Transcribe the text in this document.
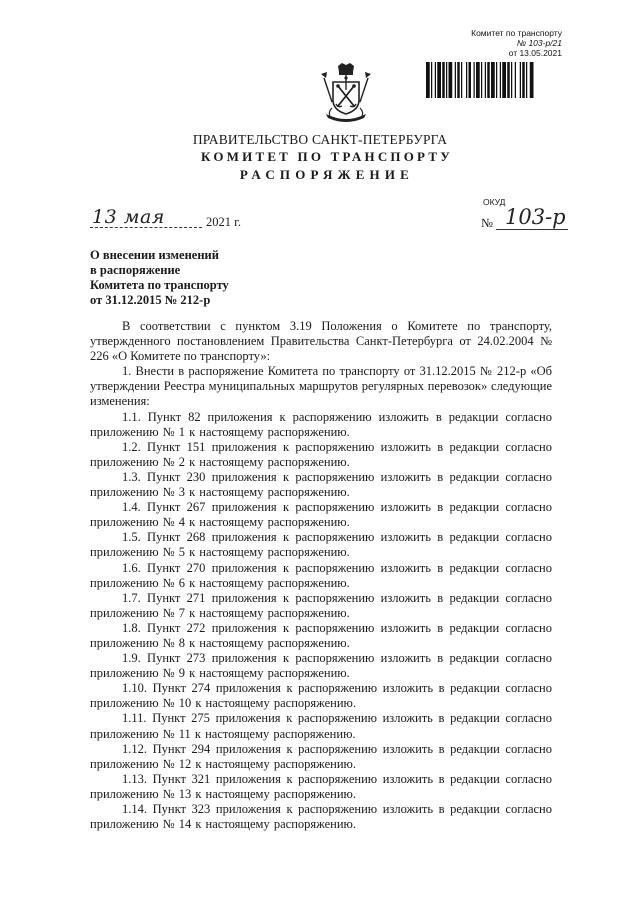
Комитет по транспорту
№ 103-р/21
от 13.05.2021
ПРАВИТЕЛЬСТВО САНКТ-ПЕТЕРБУРГА
КОМИТЕТ ПО ТРАНСПОРТУ
РАСПОРЯЖЕНИЕ
ОКУД
13 мая	2021 г.	№ 103-р
О внесении изменений
в распоряжение
Комитета по транспорту
от 31.12.2015 № 212-р

В соответствии с пунктом 3.19 Положения о Комитете по транспорту, утвержденного постановлением Правительства Санкт-Петербурга от 24.02.2004 № 226 «О Комитете по транспорту»:

1. Внести в распоряжение Комитета по транспорту от 31.12.2015 № 212-р «Об утверждении Реестра муниципальных маршрутов регулярных перевозок» следующие изменения:

1.1. Пункт 82 приложения к распоряжению изложить в редакции согласно приложению № 1 к настоящему распоряжению.

1.2. Пункт 151 приложения к распоряжению изложить в редакции согласно приложению № 2 к настоящему распоряжению.

1.3. Пункт 230 приложения к распоряжению изложить в редакции согласно приложению № 3 к настоящему распоряжению.

1.4. Пункт 267 приложения к распоряжению изложить в редакции согласно приложению № 4 к настоящему распоряжению.

1.5. Пункт 268 приложения к распоряжению изложить в редакции согласно приложению № 5 к настоящему распоряжению.

1.6. Пункт 270 приложения к распоряжению изложить в редакции согласно приложению № 6 к настоящему распоряжению.

1.7. Пункт 271 приложения к распоряжению изложить в редакции согласно приложению № 7 к настоящему распоряжению.

1.8. Пункт 272 приложения к распоряжению изложить в редакции согласно приложению № 8 к настоящему распоряжению.

1.9. Пункт 273 приложения к распоряжению изложить в редакции согласно приложению № 9 к настоящему распоряжению.

1.10. Пункт 274 приложения к распоряжению изложить в редакции согласно приложению № 10 к настоящему распоряжению.

1.11. Пункт 275 приложения к распоряжению изложить в редакции согласно приложению № 11 к настоящему распоряжению.

1.12. Пункт 294 приложения к распоряжению изложить в редакции согласно приложению № 12 к настоящему распоряжению.

1.13. Пункт 321 приложения к распоряжению изложить в редакции согласно приложению № 13 к настоящему распоряжению.

1.14. Пункт 323 приложения к распоряжению изложить в редакции согласно приложению № 14 к настоящему распоряжению.
